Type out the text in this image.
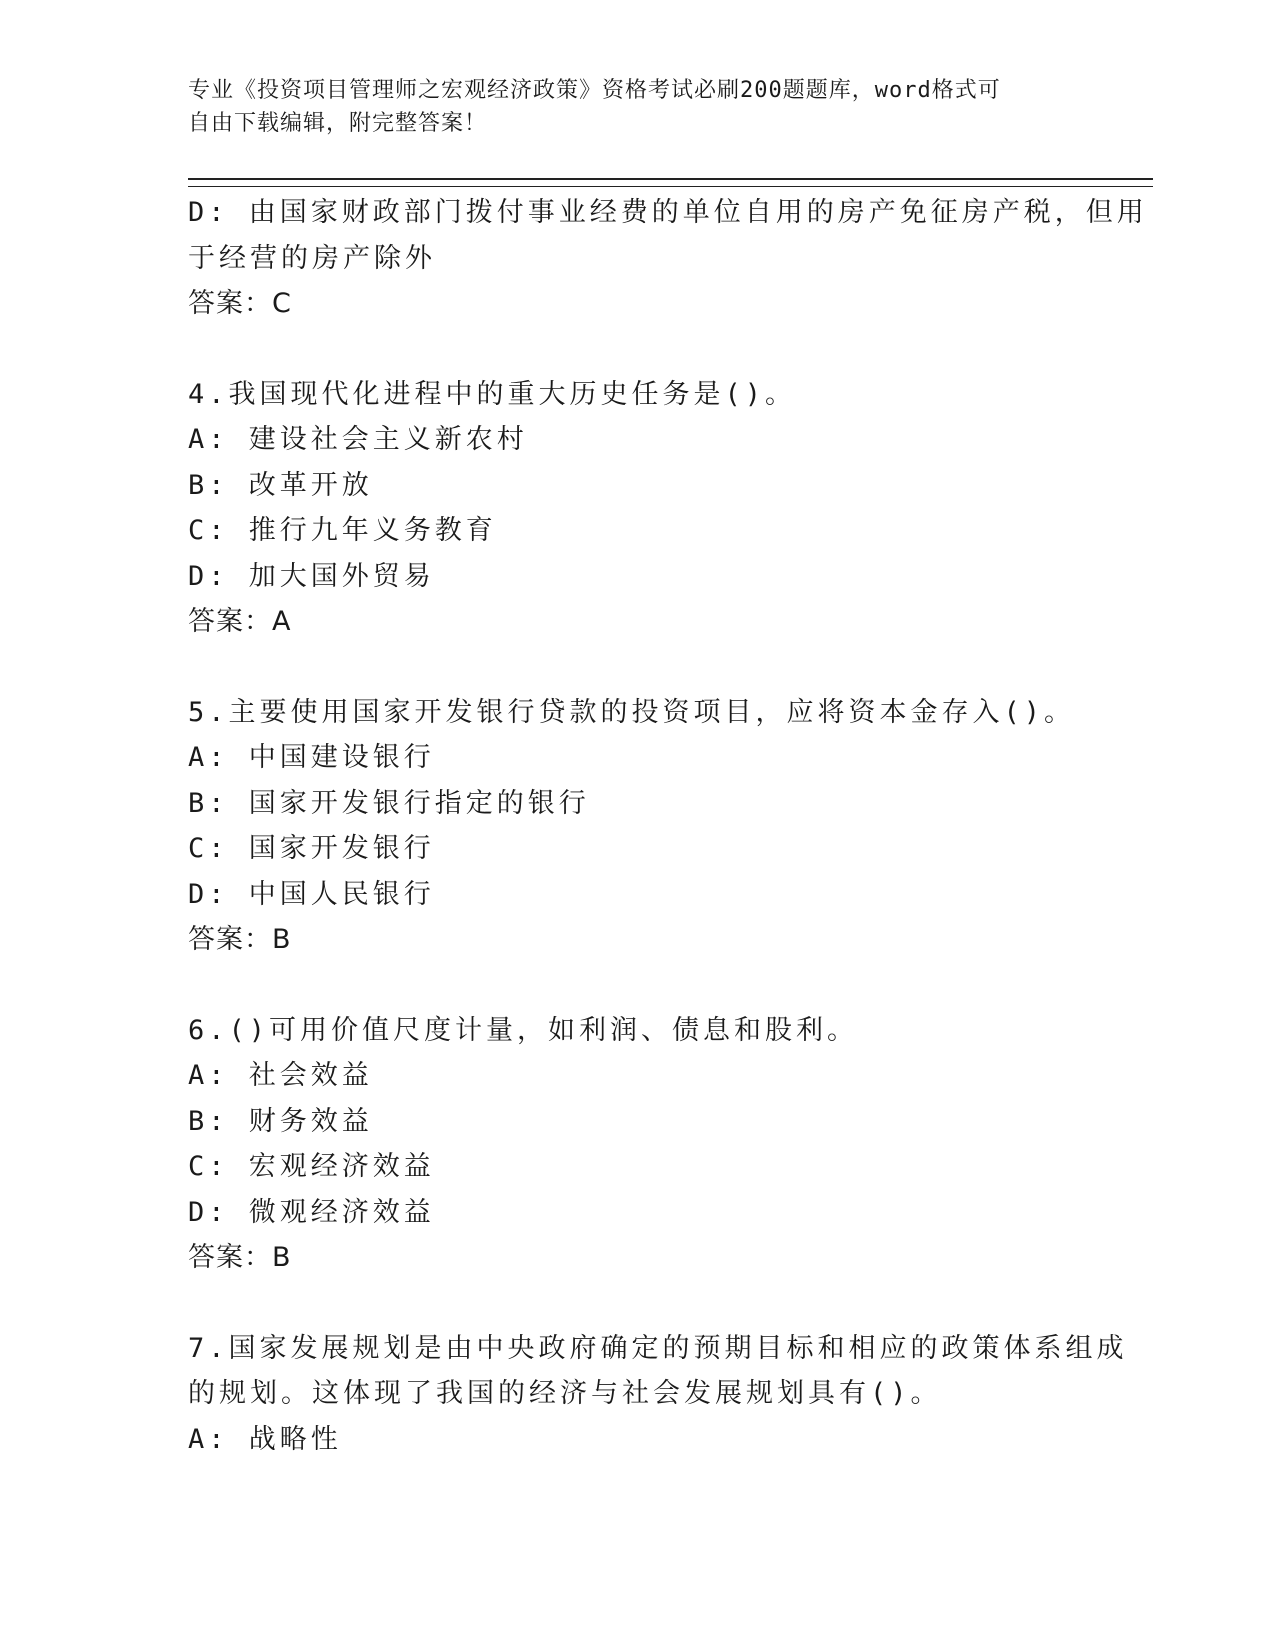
专业《投资项目管理师之宏观经济政策》资格考试必刷200题题库，word格式可
自由下载编辑，附完整答案！
D: 由国家财政部门拨付事业经费的单位自用的房产免征房产税，但用
于经营的房产除外
答案：C
4.我国现代化进程中的重大历史任务是()。
A: 建设社会主义新农村
B: 改革开放
C: 推行九年义务教育
D: 加大国外贸易
答案：A
5.主要使用国家开发银行贷款的投资项目，应将资本金存入()。
A: 中国建设银行
B: 国家开发银行指定的银行
C: 国家开发银行
D: 中国人民银行
答案：B
6.()可用价值尺度计量，如利润、债息和股利。
A: 社会效益
B: 财务效益
C: 宏观经济效益
D: 微观经济效益
答案：B
7.国家发展规划是由中央政府确定的预期目标和相应的政策体系组成
的规划。这体现了我国的经济与社会发展规划具有()。
A: 战略性
